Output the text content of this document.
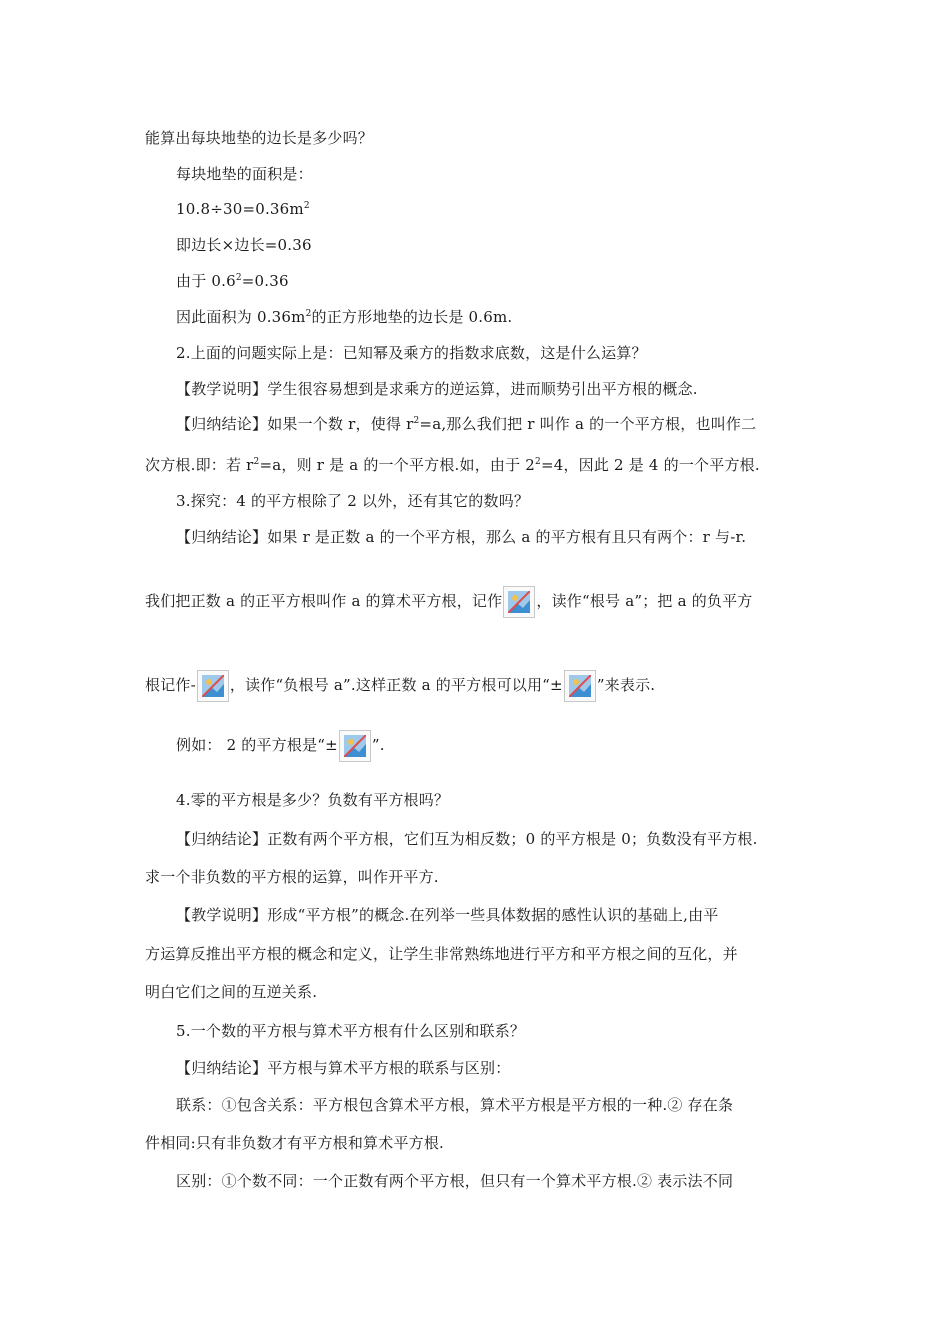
能算出每块地垫的边长是多少吗？
每块地垫的面积是：
$10.8\div 30=0.36m^2$
即边长×边长=0.36
由于 $0.6^2=0.36$
因此面积为 $0.36m^2$的正方形地垫的边长是 0.6m.
2.上面的问题实际上是：已知幂及乘方的指数求底数，这是什么运算？
【教学说明】学生很容易想到是求乘方的逆运算，进而顺势引出平方根的概念.
【归纳结论】如果一个数 r，使得 $r^2=a$,那么我们把 r 叫作 a 的一个平方根，也叫作二
次方根.即：若 $r^2=a$，则 r 是 a 的一个平方根.如，由于 $2^2=4$，因此 2 是 4 的一个平方根.
3.探究：4 的平方根除了 2 以外，还有其它的数吗？
【归纳结论】如果 r 是正数 a 的一个平方根，那么 a 的平方根有且只有两个：r 与-r.
我们把正数 a 的正平方根叫作 a 的算术平方根，记作 ，读作“根号 a”；把 a 的负平方
根记作- ，读作“负根号 a”.这样正数 a 的平方根可以用“± ”来表示.
例如： 2 的平方根是“± ”.
4.零的平方根是多少？负数有平方根吗？
【归纳结论】正数有两个平方根，它们互为相反数；0 的平方根是 0；负数没有平方根.
求一个非负数的平方根的运算，叫作开平方.
【教学说明】形成“平方根”的概念.在列举一些具体数据的感性认识的基础上,由平
方运算反推出平方根的概念和定义，让学生非常熟练地进行平方和平方根之间的互化，并
明白它们之间的互逆关系.
5.一个数的平方根与算术平方根有什么区别和联系？
【归纳结论】平方根与算术平方根的联系与区别：
联系：①包含关系：平方根包含算术平方根，算术平方根是平方根的一种.② 存在条
件相同:只有非负数才有平方根和算术平方根.
区别：①个数不同：一个正数有两个平方根，但只有一个算术平方根.② 表示法不同
